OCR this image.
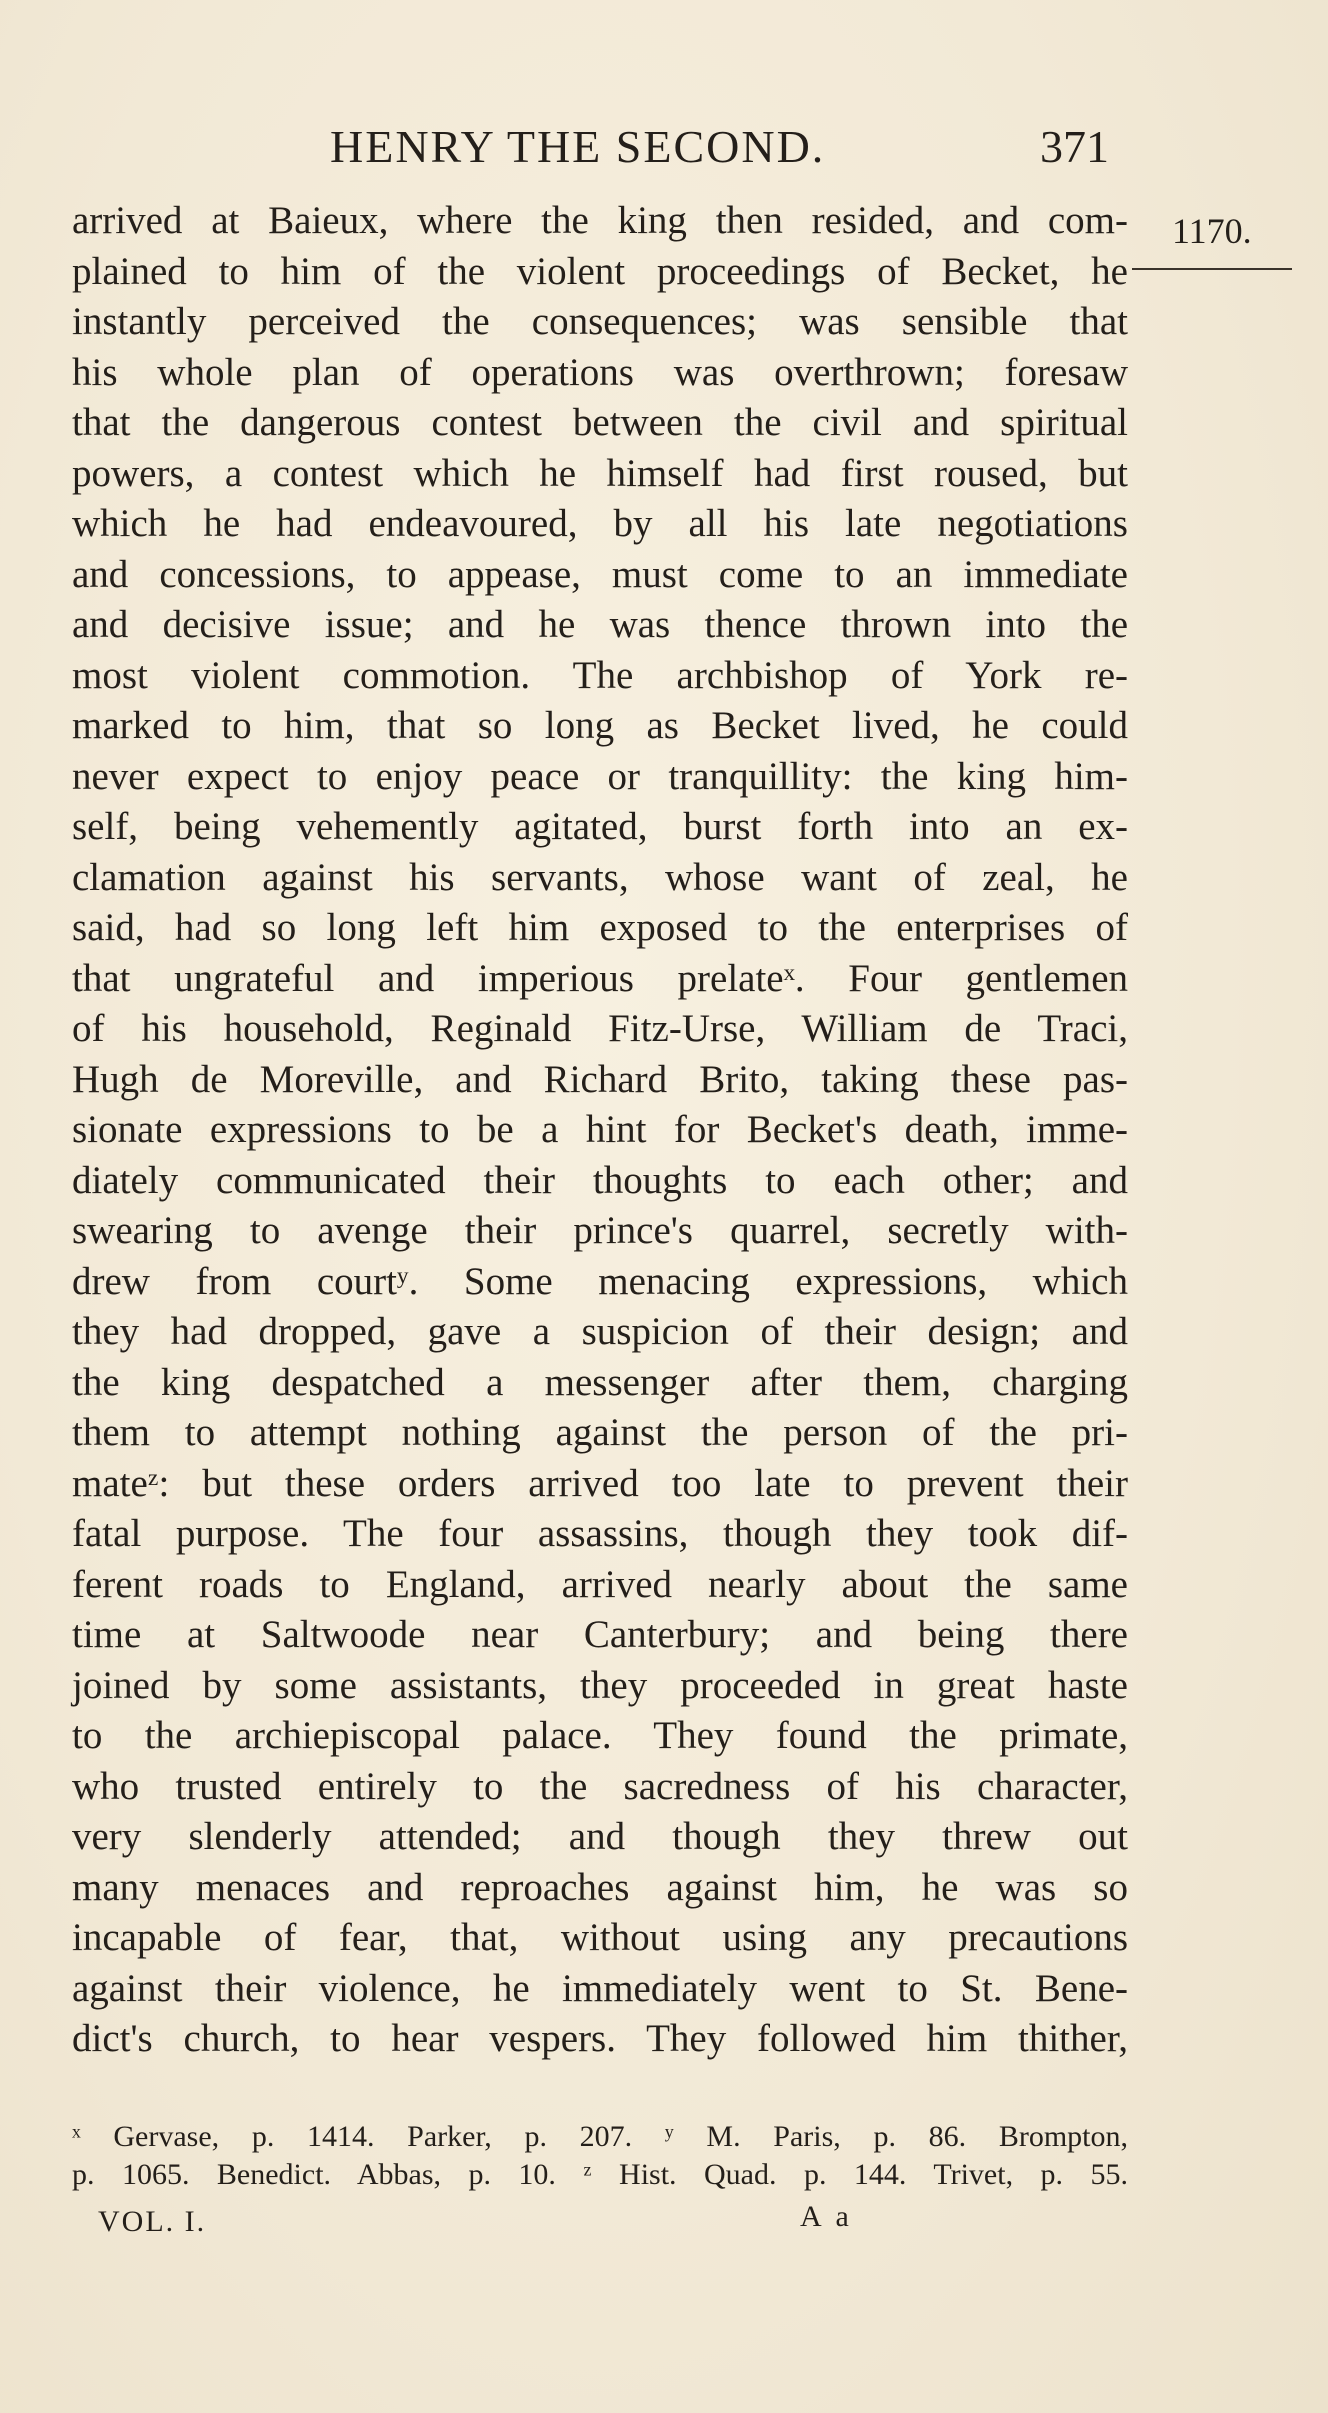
HENRY THE SECOND.	371
1170.
arrived at Baieux, where the king then resided, and com-
plained to him of the violent proceedings of Becket, he
instantly perceived the consequences; was sensible that
his whole plan of operations was overthrown; foresaw
that the dangerous contest between the civil and spiritual
powers, a contest which he himself had first roused, but
which he had endeavoured, by all his late negotiations
and concessions, to appease, must come to an immediate
and decisive issue; and he was thence thrown into the
most violent commotion. The archbishop of York re-
marked to him, that so long as Becket lived, he could
never expect to enjoy peace or tranquillity: the king him-
self, being vehemently agitated, burst forth into an ex-
clamation against his servants, whose want of zeal, he
said, had so long left him exposed to the enterprises of
that ungrateful and imperious prelateˣ. Four gentlemen
of his household, Reginald Fitz-Urse, William de Traci,
Hugh de Moreville, and Richard Brito, taking these pas-
sionate expressions to be a hint for Becket's death, imme-
diately communicated their thoughts to each other; and
swearing to avenge their prince's quarrel, secretly with-
drew from courtʸ. Some menacing expressions, which
they had dropped, gave a suspicion of their design; and
the king despatched a messenger after them, charging
them to attempt nothing against the person of the pri-
mateᶻ: but these orders arrived too late to prevent their
fatal purpose. The four assassins, though they took dif-
ferent roads to England, arrived nearly about the same
time at Saltwoode near Canterbury; and being there
joined by some assistants, they proceeded in great haste
to the archiepiscopal palace. They found the primate,
who trusted entirely to the sacredness of his character,
very slenderly attended; and though they threw out
many menaces and reproaches against him, he was so
incapable of fear, that, without using any precautions
against their violence, he immediately went to St. Bene-
dict's church, to hear vespers. They followed him thither,
ˣ Gervase, p. 1414. Parker, p. 207. ʸ M. Paris, p. 86. Brompton,
p. 1065. Benedict. Abbas, p. 10. ᶻ Hist. Quad. p. 144. Trivet, p. 55.
VOL. I.	A a
